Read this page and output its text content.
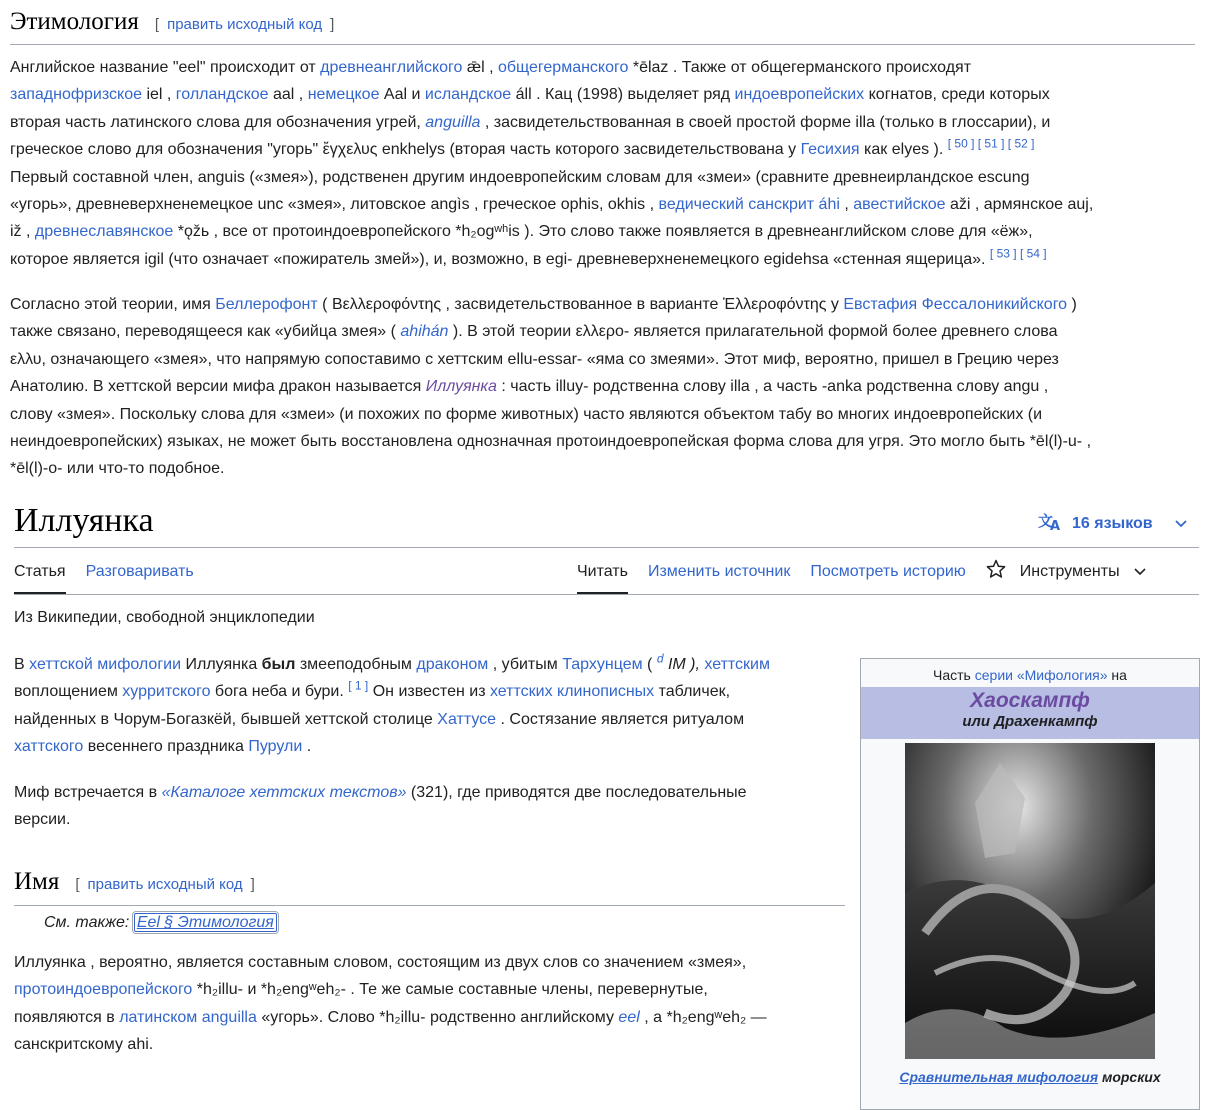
Этимология [ править исходный код ]
Английское название "eel" происходит от древнеанглийского ǣl , общегерманского *ēlaz . Также от общегерманского происходят
западнофризское iel , голландское aal , немецкое Aal и исландское áll . Кац (1998) выделяет ряд индоевропейских когнатов, среди которых
вторая часть латинского слова для обозначения угрей, anguilla , засвидетельствованная в своей простой форме illa (только в глоссарии), и
греческое слово для обозначения "угорь" ἔγχελυς enkhelys (вторая часть которого засвидетельствована у Гесихия как elyes ). [ 50 ] [ 51 ] [ 52 ]
Первый составной член, anguis («змея»), родственен другим индоевропейским словам для «змеи» (сравните древнеирландское escung
«угорь», древневерхненемецкое unc «змея», литовское angìs , греческое ophis, okhis , ведический санскрит áhi , авестийское aži , армянское auj,
iž , древнеславянское *ǫžь , все от протоиндоевропейского *h₂ogʷʰis ). Это слово также появляется в древнеанглийском слове для «ёж»,
которое является igil (что означает «пожиратель змей»), и, возможно, в egi- древневерхненемецкого egidehsa «стенная ящерица». [ 53 ] [ 54 ]
Согласно этой теории, имя Беллерофонт ( Βελλεροφόντης , засвидетельствованное в варианте Ἐλλεροφόντης у Евстафия Фессалоникийского )
также связано, переводящееся как «убийца змея» ( ahihán ). В этой теории ελλερο- является прилагательной формой более древнего слова
ελλυ, означающего «змея», что напрямую сопоставимо с хеттским ellu-essar- «яма со змеями». Этот миф, вероятно, пришел в Грецию через
Анатолию. В хеттской версии мифа дракон называется Иллуянка : часть illuy- родственна слову illa , а часть -anka родственна слову angu ,
слову «змея». Поскольку слова для «змеи» (и похожих по форме животных) часто являются объектом табу во многих индоевропейских (и
неиндоевропейских) языках, не может быть восстановлена однозначная протоиндоевропейская форма слова для угря. Это могло быть *ēl(l)-u- ,
*ēl(l)-o- или что-то подобное.
Иллуянка	文
A 16 языков
Статья Разговаривать	Читать Изменить источник Посмотреть историю	Инструменты
Из Википедии, свободной энциклопедии
В хеттской мифологии Иллуянка был змееподобным драконом , убитым Тархунцем ( $^d$ IM ), хеттским
воплощением хурритского бога неба и бури. [ 1 ] Он известен из хеттских клинописных табличек,
найденных в Чорум-Богазкёй, бывшей хеттской столице Хаттусе . Состязание является ритуалом
хаттского весеннего праздника Пурули .
Миф встречается в «Каталоге хеттских текстов» (321), где приводятся две последовательные
версии.
Имя [ править исходный код ]
См. также: Eel § Этимология
Иллуянка , вероятно, является составным словом, состоящим из двух слов со значением «змея»,
протоиндоевропейского *h₂illu- и *h₂engʷeh₂- . Те же самые составные члены, перевернутые,
появляются в латинском anguilla «угорь». Слово *h₂illu- родственно английскому eel , а *h₂engʷeh₂ —
санскритскому ahi.
Часть серии «Мифология» на
Хаоскампф
или Драхенкампф
Сравнительная мифология морских
